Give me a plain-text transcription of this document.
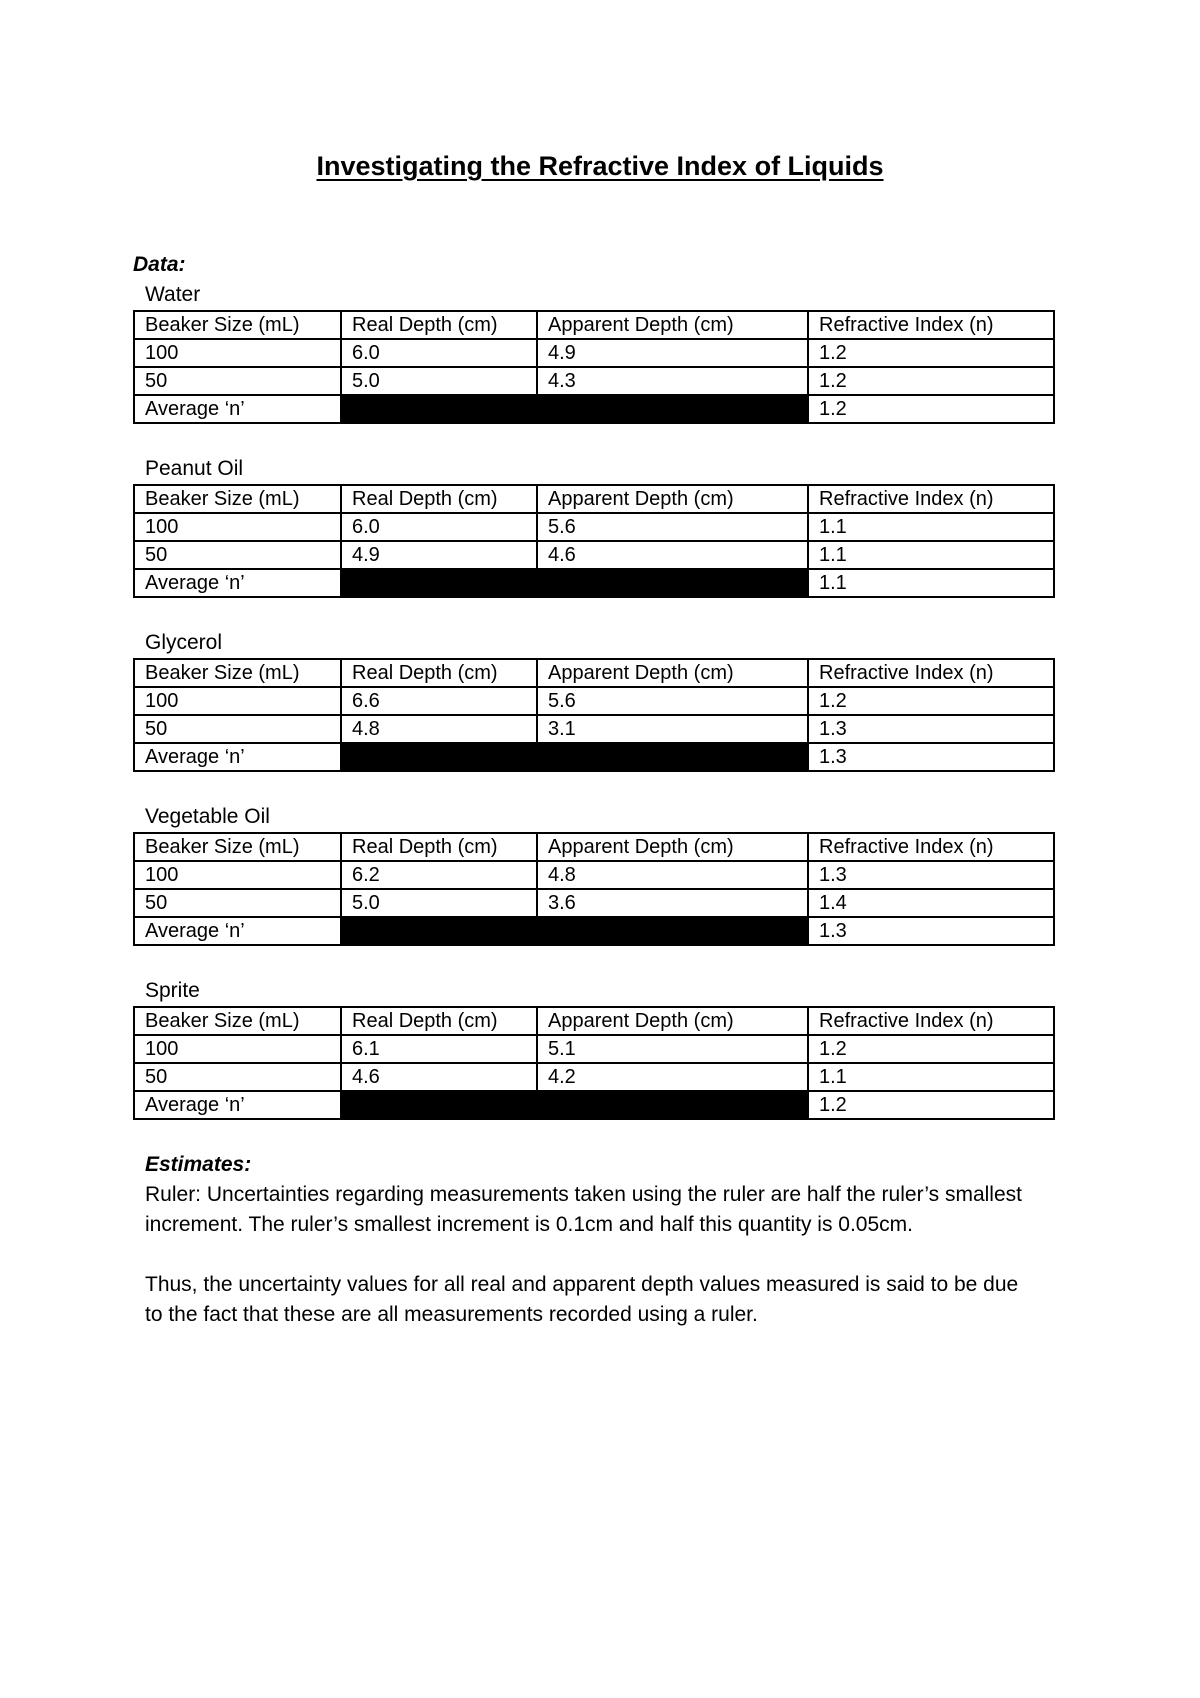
Investigating the Refractive Index of Liquids
Data:
Water
Beaker Size (mL)	Real Depth (cm)	Apparent Depth (cm)	Refractive Index (n)
100	6.0	4.9	1.2
50	5.0	4.3	1.2
Average ‘n’			1.2
Peanut Oil
Beaker Size (mL)	Real Depth (cm)	Apparent Depth (cm)	Refractive Index (n)
100	6.0	5.6	1.1
50	4.9	4.6	1.1
Average ‘n’			1.1
Glycerol
Beaker Size (mL)	Real Depth (cm)	Apparent Depth (cm)	Refractive Index (n)
100	6.6	5.6	1.2
50	4.8	3.1	1.3
Average ‘n’			1.3
Vegetable Oil
Beaker Size (mL)	Real Depth (cm)	Apparent Depth (cm)	Refractive Index (n)
100	6.2	4.8	1.3
50	5.0	3.6	1.4
Average ‘n’			1.3
Sprite
Beaker Size (mL)	Real Depth (cm)	Apparent Depth (cm)	Refractive Index (n)
100	6.1	5.1	1.2
50	4.6	4.2	1.1
Average ‘n’			1.2

Estimates:

Ruler: Uncertainties regarding measurements taken using the ruler are half the ruler’s smallest increment. The ruler’s smallest increment is 0.1cm and half this quantity is 0.05cm.

Thus, the uncertainty values for all real and apparent depth values measured is said to be due to the fact that these are all measurements recorded using a ruler.
